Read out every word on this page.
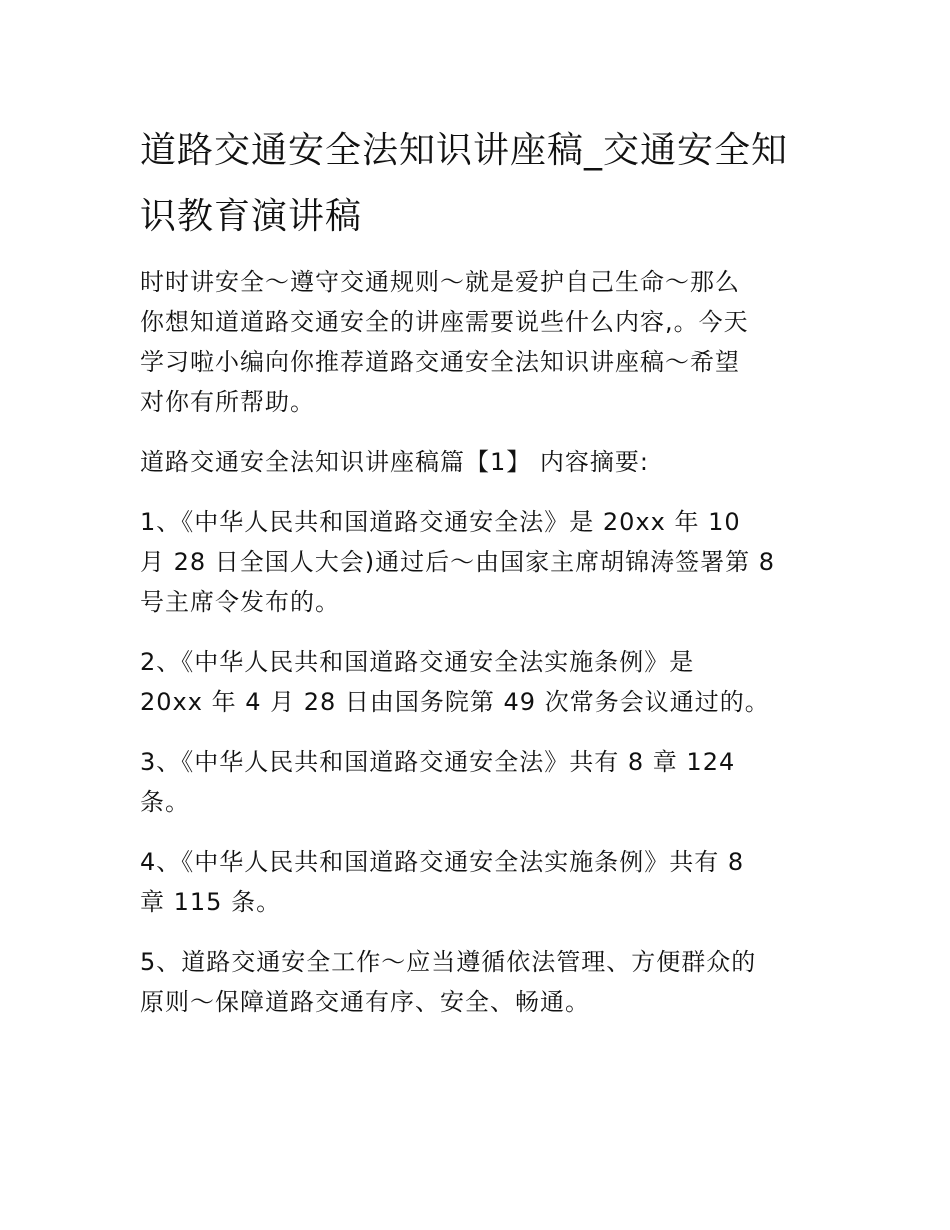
道路交通安全法知识讲座稿_交通安全知
识教育演讲稿

时时讲安全～遵守交通规则～就是爱护自己生命～那么
你想知道道路交通安全的讲座需要说些什么内容,。今天
学习啦小编向你推荐道路交通安全法知识讲座稿～希望
对你有所帮助。

道路交通安全法知识讲座稿篇【1】 内容摘要:

1、《中华人民共和国道路交通安全法》是 20xx 年 10
月 28 日全国人大会)通过后～由国家主席胡锦涛签署第 8
号主席令发布的。

2、《中华人民共和国道路交通安全法实施条例》是
20xx 年 4 月 28 日由国务院第 49 次常务会议通过的。

3、《中华人民共和国道路交通安全法》共有 8 章 124
条。

4、《中华人民共和国道路交通安全法实施条例》共有 8
章 115 条。

5、道路交通安全工作～应当遵循依法管理、方便群众的
原则～保障道路交通有序、安全、畅通。
